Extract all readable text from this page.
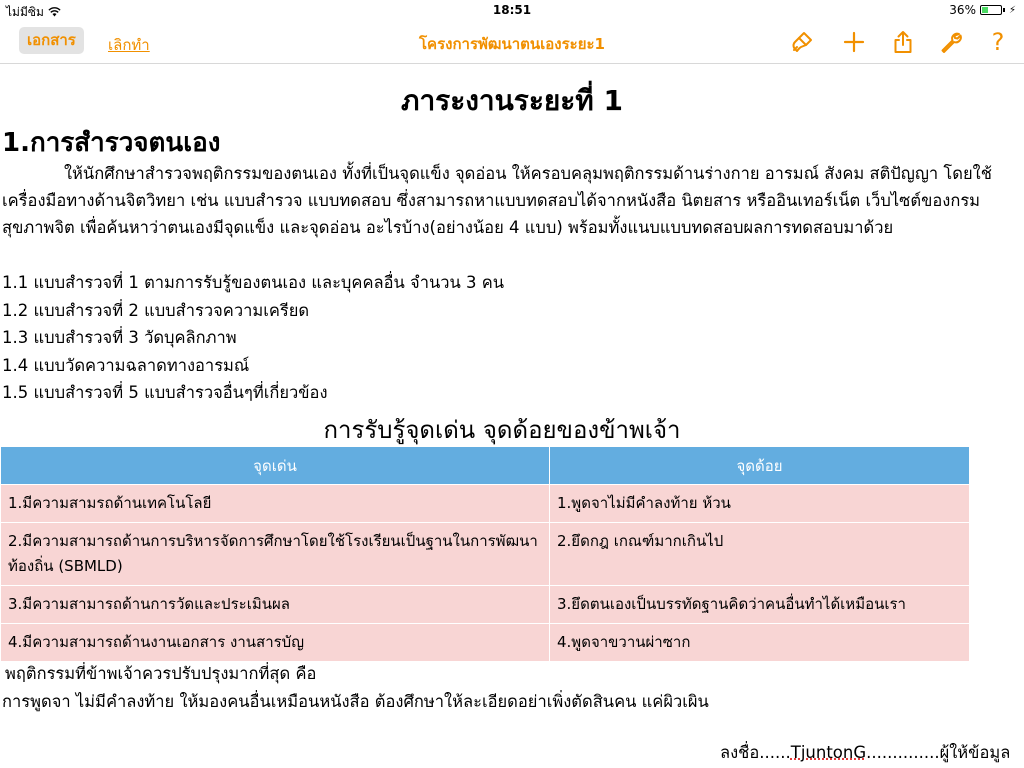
ไม่มีซิม	18:51	36%	⚡
เอกสาร	เลิกทำ	โครงการพัฒนาตนเองระยะ1	?
ภาระงานระยะที่ 1
1.การสำรวจตนเอง

ให้นักศึกษาสำรวจพฤติกรรมของตนเอง ทั้งที่เป็นจุดแข็ง จุดอ่อน ให้ครอบคลุมพฤติกรรมด้านร่างกาย อารมณ์ สังคม สติปัญญา โดยใช้เครื่องมือทางด้านจิตวิทยา เช่น แบบสำรวจ แบบทดสอบ ซึ่งสามารถหาแบบทดสอบได้จากหนังสือ นิตยสาร หรืออินเทอร์เน็ต เว็บไซต์ของกรมสุขภาพจิต เพื่อค้นหาว่าตนเองมีจุดแข็ง และจุดอ่อน อะไรบ้าง(อย่างน้อย 4 แบบ) พร้อมทั้งแนบแบบทดสอบผลการทดสอบมาด้วย

1.1 แบบสำรวจที่ 1 ตามการรับรู้ของตนเอง และบุคคลอื่น จำนวน 3 คน
1.2 แบบสำรวจที่ 2 แบบสำรวจความเครียด
1.3 แบบสำรวจที่ 3 วัดบุคลิกภาพ
1.4 แบบวัดความฉลาดทางอารมณ์
1.5 แบบสำรวจที่ 5 แบบสำรวจอื่นๆที่เกี่ยวข้อง
การรับรู้จุดเด่น จุดด้อยของข้าพเจ้า
จุดเด่น	จุดด้อย
1.มีความสามรถด้านเทคโนโลยี	1.พูดจาไม่มีคำลงท้าย ห้วน
2.มีความสามารถด้านการบริหารจัดการศึกษาโดยใช้โรงเรียนเป็นฐานในการพัฒนาท้องถิ่น (SBMLD)	2.ยึดกฎ เกณฑ์มากเกินไป
3.มีความสามารถด้านการวัดและประเมินผล	3.ยึดตนเองเป็นบรรทัดฐานคิดว่าคนอื่นทำได้เหมือนเรา
4.มีความสามารถด้านงานเอกสาร งานสารบัญ	4.พูดจาขวานผ่าซาก
พฤติกรรมที่ข้าพเจ้าควรปรับปรุงมากที่สุด คือ
การพูดจา ไม่มีคำลงท้าย ให้มองคนอื่นเหมือนหนังสือ ต้องศึกษาให้ละเอียดอย่าเพิ่งตัดสินคน แค่ผิวเผิน
ลงชื่อ......TjuntonG..............ผู้ให้ข้อมูล
